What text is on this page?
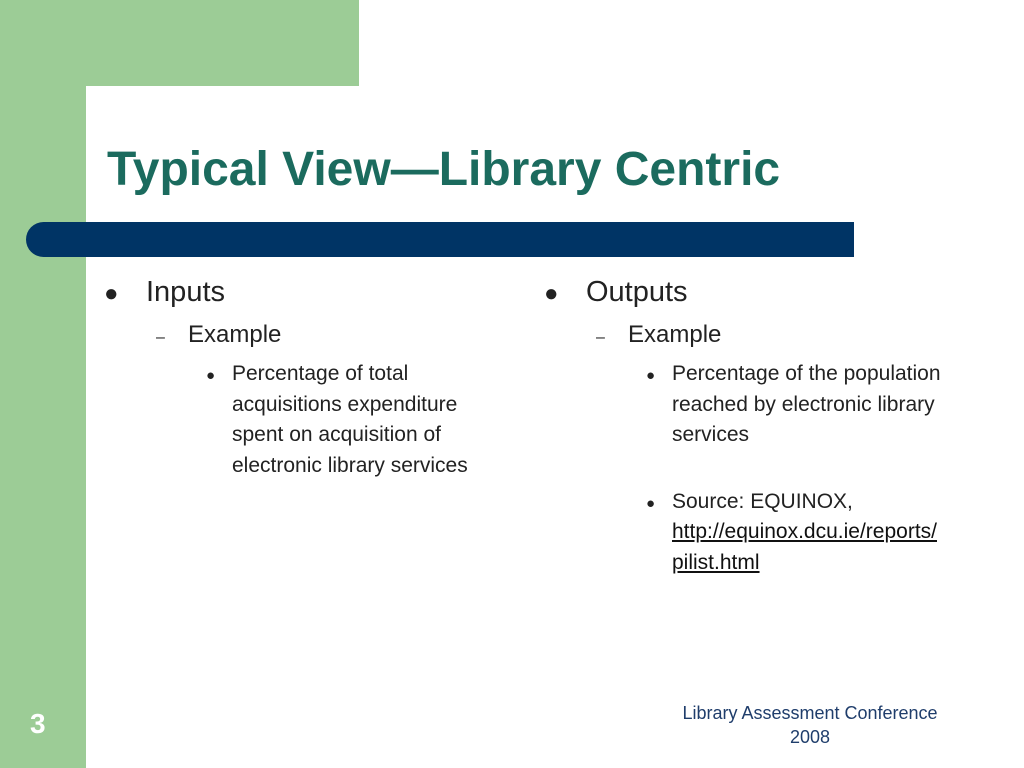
Typical View—Library Centric
● Inputs
– Example
● Percentage of total acquisitions expenditure spent on acquisition of electronic library services
● Outputs
– Example
● Percentage of the population reached by electronic library services
● Source: EQUINOX,
http://equinox.dcu.ie/reports/pilist.html
3	Library Assessment Conference
2008
